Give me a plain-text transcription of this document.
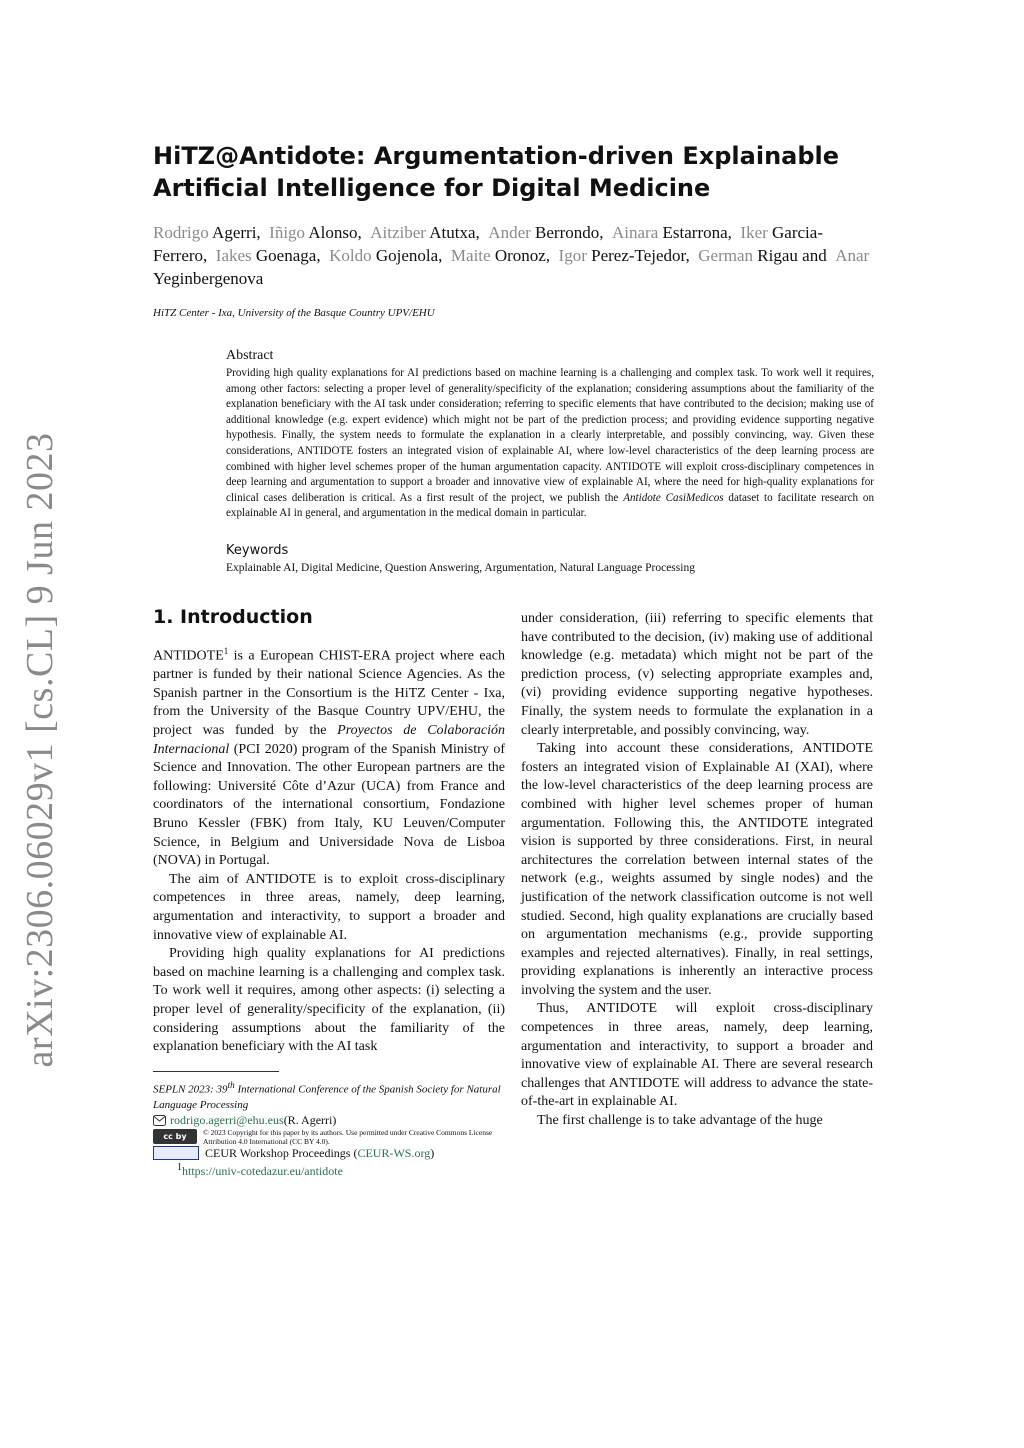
arXiv:2306.06029v1 [cs.CL] 9 Jun 2023
HiTZ@Antidote: Argumentation-driven Explainable
Artificial Intelligence for Digital Medicine
Rodrigo Agerri,  Iñigo Alonso,  Aitziber Atutxa,  Ander Berrondo,  Ainara Estarrona,  Iker Garcia-Ferrero,  Iakes Goenaga,  Koldo Gojenola,  Maite Oronoz,  Igor Perez-Tejedor,  German Rigau and  Anar Yeginbergenova
HiTZ Center - Ixa, University of the Basque Country UPV/EHU
Abstract

Providing high quality explanations for AI predictions based on machine learning is a challenging and complex task. To work well it requires, among other factors: selecting a proper level of generality/specificity of the explanation; considering assumptions about the familiarity of the explanation beneficiary with the AI task under consideration; referring to specific elements that have contributed to the decision; making use of additional knowledge (e.g. expert evidence) which might not be part of the prediction process; and providing evidence supporting negative hypothesis. Finally, the system needs to formulate the explanation in a clearly interpretable, and possibly convincing, way. Given these considerations, ANTIDOTE fosters an integrated vision of explainable AI, where low-level characteristics of the deep learning process are combined with higher level schemes proper of the human argumentation capacity. ANTIDOTE will exploit cross-disciplinary competences in deep learning and argumentation to support a broader and innovative view of explainable AI, where the need for high-quality explanations for clinical cases deliberation is critical. As a first result of the project, we publish the Antidote CasiMedicos dataset to facilitate research on explainable AI in general, and argumentation in the medical domain in particular.

Keywords
Explainable AI, Digital Medicine, Question Answering, Argumentation, Natural Language Processing
1. Introduction

ANTIDOTE$^1$ is a European CHIST-ERA project where each partner is funded by their national Science Agencies. As the Spanish partner in the Consortium is the HiTZ Center - Ixa, from the University of the Basque Country UPV/EHU, the project was funded by the Proyectos de Colaboración Internacional (PCI 2020) program of the Spanish Ministry of Science and Innovation. The other European partners are the following: Université Côte d’Azur (UCA) from France and coordinators of the international consortium, Fondazione Bruno Kessler (FBK) from Italy, KU Leuven/Computer Science, in Belgium and Universidade Nova de Lisboa (NOVA) in Portugal.

The aim of ANTIDOTE is to exploit cross-disciplinary competences in three areas, namely, deep learning, argumentation and interactivity, to support a broader and innovative view of explainable AI.

Providing high quality explanations for AI predictions based on machine learning is a challenging and complex task. To work well it requires, among other aspects: (i) selecting a proper level of generality/specificity of the explanation, (ii) considering assumptions about the familiarity of the explanation beneficiary with the AI task

under consideration, (iii) referring to specific elements that have contributed to the decision, (iv) making use of additional knowledge (e.g. metadata) which might not be part of the prediction process, (v) selecting appropriate examples and, (vi) providing evidence supporting negative hypotheses. Finally, the system needs to formulate the explanation in a clearly interpretable, and possibly convincing, way.

Taking into account these considerations, ANTIDOTE fosters an integrated vision of Explainable AI (XAI), where the low-level characteristics of the deep learning process are combined with higher level schemes proper of human argumentation. Following this, the ANTIDOTE integrated vision is supported by three considerations. First, in neural architectures the correlation between internal states of the network (e.g., weights assumed by single nodes) and the justification of the network classification outcome is not well studied. Second, high quality explanations are crucially based on argumentation mechanisms (e.g., provide supporting examples and rejected alternatives). Finally, in real settings, providing explanations is inherently an interactive process involving the system and the user.

Thus, ANTIDOTE will exploit cross-disciplinary competences in three areas, namely, deep learning, argumentation and interactivity, to support a broader and innovative view of explainable AI. There are several research challenges that ANTIDOTE will address to advance the state-of-the-art in explainable AI.

The first challenge is to take advantage of the huge

SEPLN 2023: 39th International Conference of the Spanish Society for Natural Language Processing
rodrigo.agerri@ehu.eus (R. Agerri)
cc by	© 2023 Copyright for this paper by its authors. Use permitted under Creative Commons License Attribution 4.0 International (CC BY 4.0).
CEUR Workshop Proceedings ( CEUR-WS.org )
$^1$https://univ-cotedazur.eu/antidote
